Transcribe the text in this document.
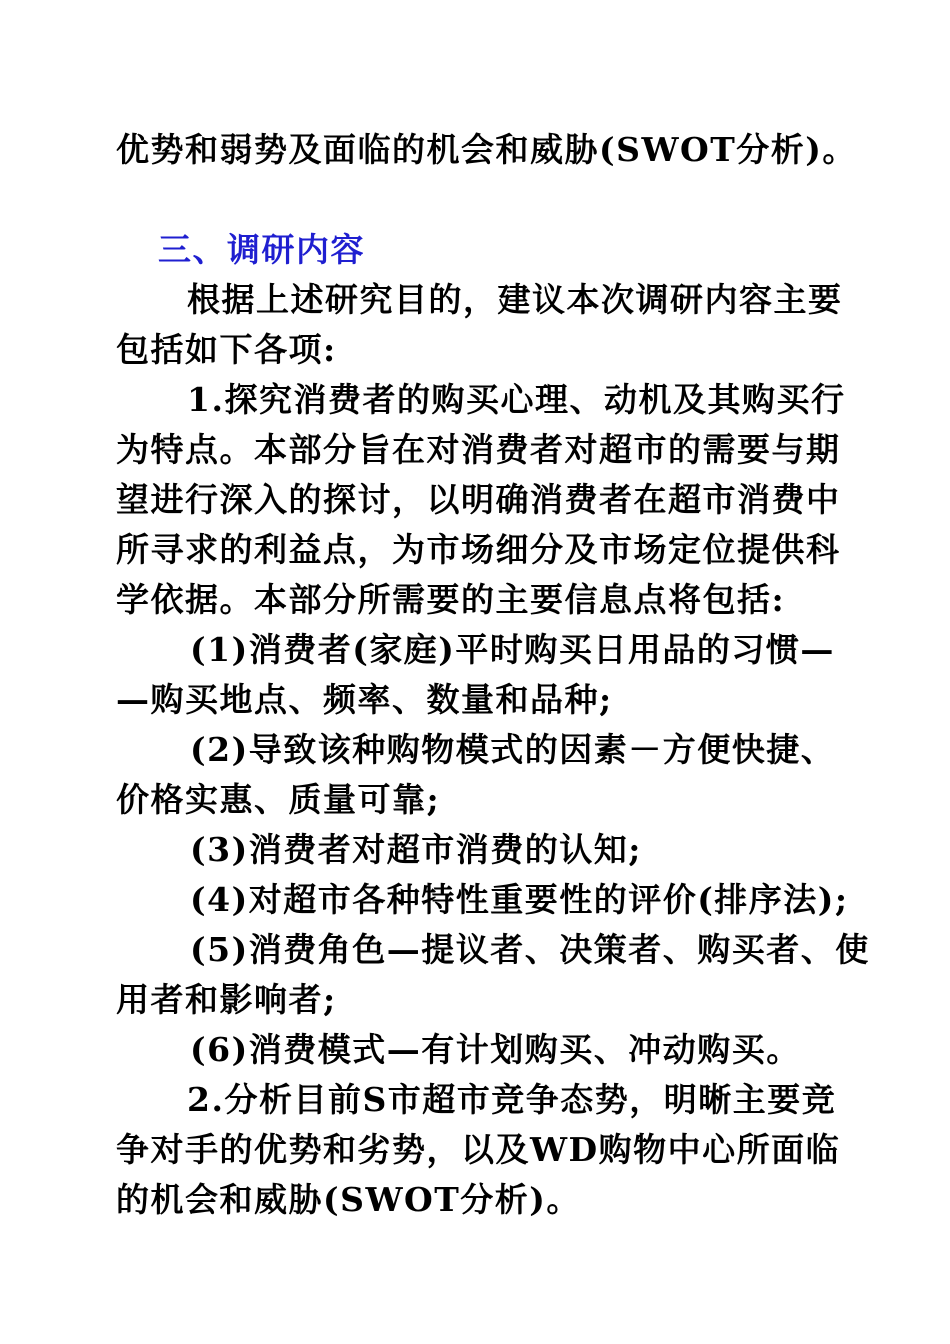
优势和弱势及面临的机会和威胁(SWOT分析)。
三、调研内容
根据上述研究目的，建议本次调研内容主要
包括如下各项:
1.探究消费者的购买心理、动机及其购买行
为特点。本部分旨在对消费者对超市的需要与期
望进行深入的探讨，以明确消费者在超市消费中
所寻求的利益点，为市场细分及市场定位提供科
学依据。本部分所需要的主要信息点将包括:
(1)消费者(家庭)平时购买日用品的习惯—
—购买地点、频率、数量和品种;
(2)导致该种购物模式的因素－方便快捷、
价格实惠、质量可靠;
(3)消费者对超市消费的认知;
(4)对超市各种特性重要性的评价(排序法);
(5)消费角色—提议者、决策者、购买者、使
用者和影响者;
(6)消费模式—有计划购买、冲动购买。
2.分析目前S市超市竞争态势，明晰主要竞
争对手的优势和劣势，以及WD购物中心所面临
的机会和威胁(SWOT分析)。
